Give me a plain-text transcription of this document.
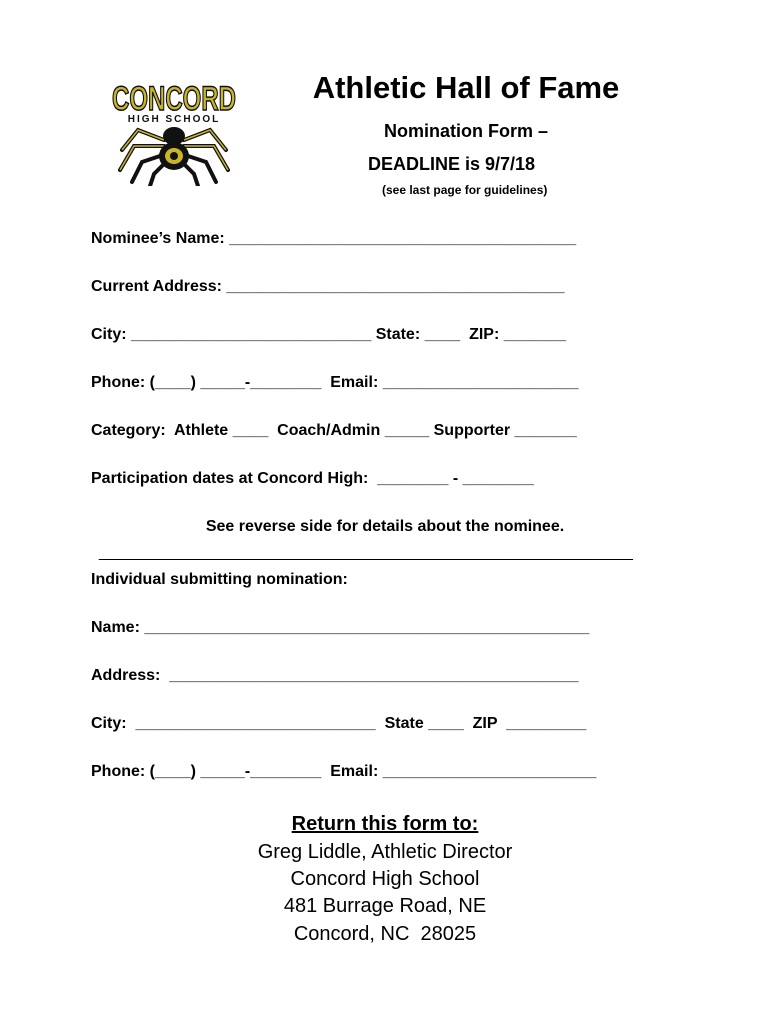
CONCORD
HIGH SCHOOL
Athletic Hall of Fame
Nomination Form –
DEADLINE is 9/7/18
(see last page for guidelines)
Nominee’s Name: _______________________________________
Current Address: ______________________________________
City: ___________________________ State: ____  ZIP: _______
Phone: (____) _____-________  Email: ______________________
Category:  Athlete ____  Coach/Admin _____ Supporter _______
Participation dates at Concord High:  ________ - ________
See reverse side for details about the nominee.
____________________________________________________________
Individual submitting nomination:
Name: __________________________________________________
Address:  ______________________________________________
City:  ___________________________  State ____  ZIP  _________
Phone: (____) _____-________  Email: ________________________
Return this form to:
Greg Liddle, Athletic Director
Concord High School
481 Burrage Road, NE
Concord, NC  28025
